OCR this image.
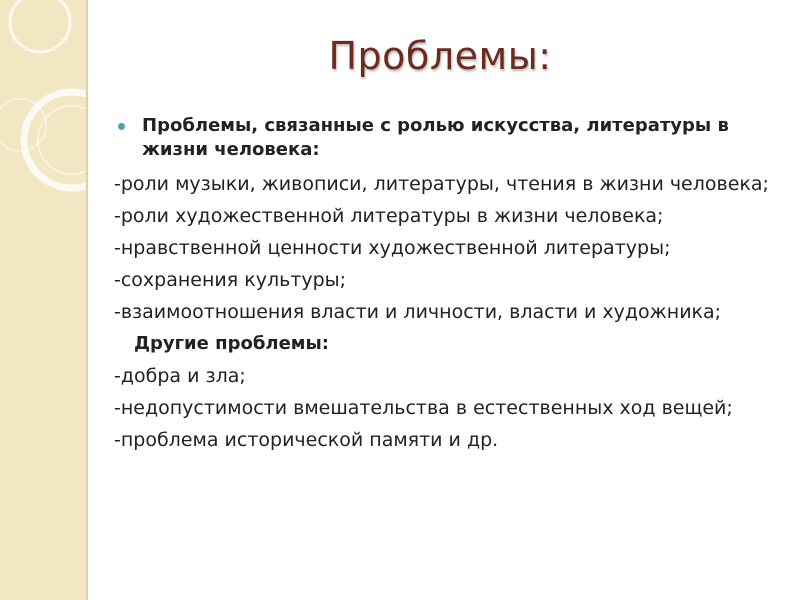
Проблемы:
Проблемы, связанные с ролью искусства, литературы в жизни человека:
-роли музыки, живописи, литературы, чтения в жизни человека;
-роли художественной литературы в жизни человека;
-нравственной ценности художественной литературы;
-сохранения культуры;
-взаимоотношения власти и личности, власти и художника;
Другие проблемы:
-добра и зла;
-недопустимости вмешательства в естественных ход вещей;
-проблема исторической памяти и др.
